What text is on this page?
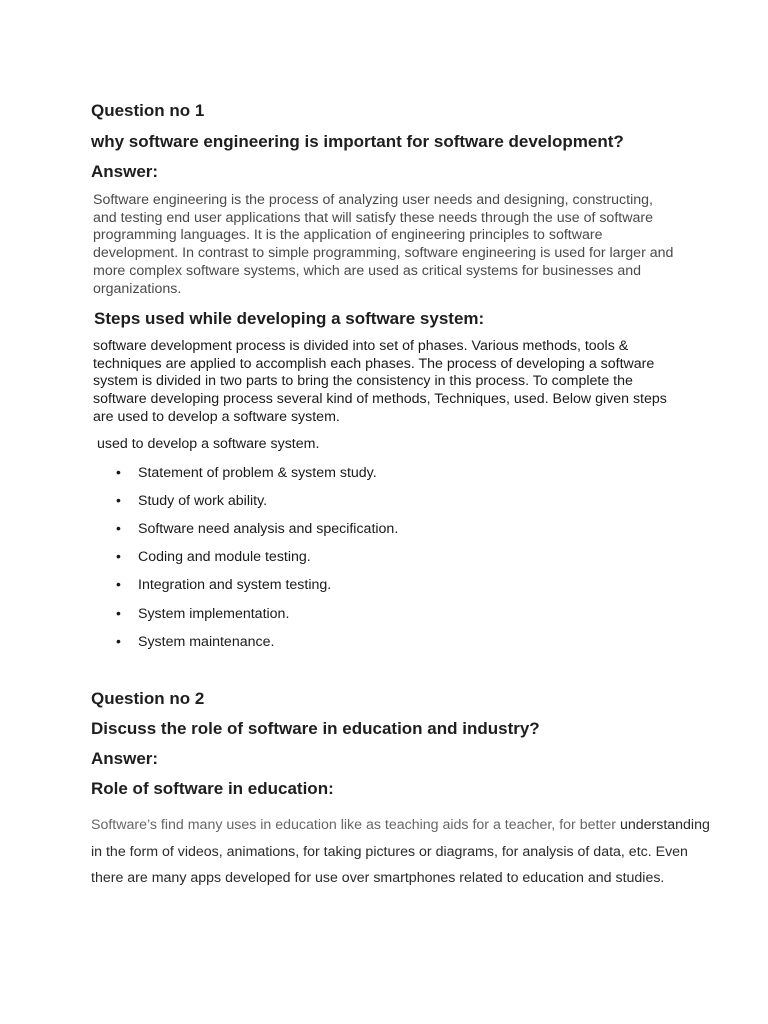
Question no 1
why software engineering is important for software development?
Answer:

Software engineering is the process of analyzing user needs and designing, constructing, and testing end user applications that will satisfy these needs through the use of software programming languages. It is the application of engineering principles to software development. In contrast to simple programming, software engineering is used for larger and more complex software systems, which are used as critical systems for businesses and organizations.

Steps used while developing a software system:

software development process is divided into set of phases. Various methods, tools & techniques are applied to accomplish each phases. The process of developing a software system is divided in two parts to bring the consistency in this process. To complete the software developing process several kind of methods, Techniques, used. Below given steps are used to develop a software system.

used to develop a software system.
• Statement of problem & system study.
• Study of work ability.
• Software need analysis and specification.
• Coding and module testing.
• Integration and system testing.
• System implementation.
• System maintenance.
Question no 2
Discuss the role of software in education and industry?
Answer:
Role of software in education:

Software’s find many uses in education like as teaching aids for a teacher, for better understanding in the form of videos, animations, for taking pictures or diagrams, for analysis of data, etc. Even there are many apps developed for use over smartphones related to education and studies.
